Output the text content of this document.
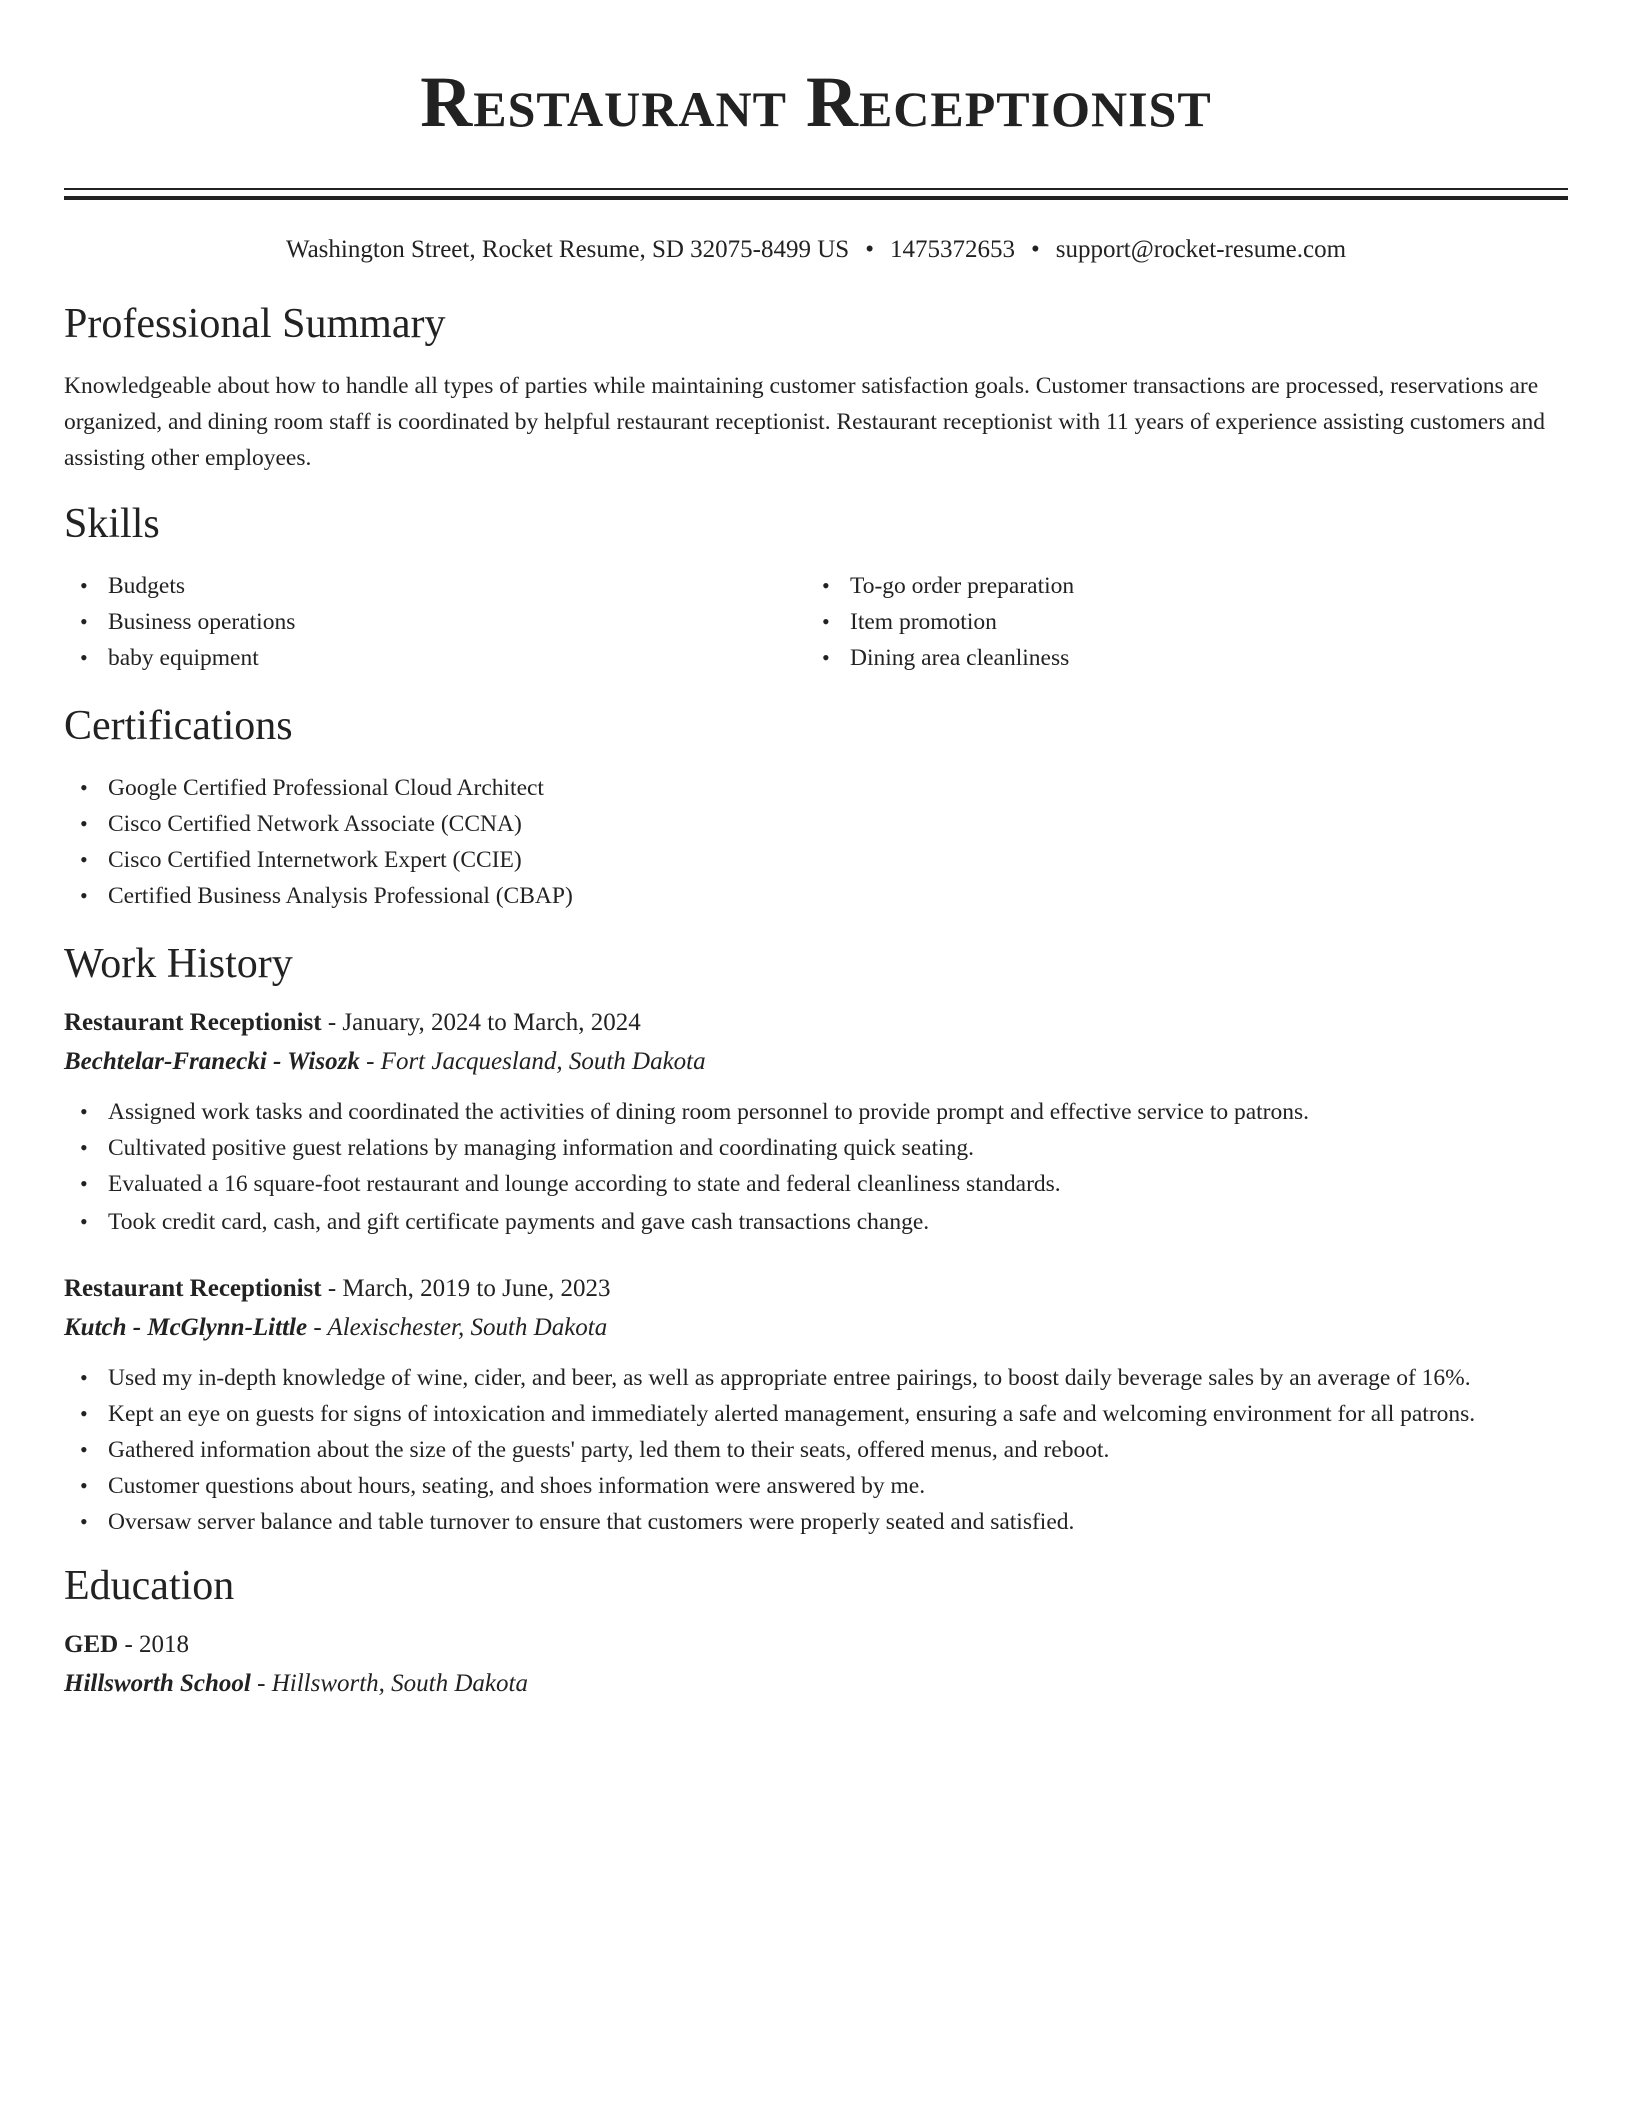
Restaurant Receptionist
Washington Street, Rocket Resume, SD 32075-8499 US • 1475372653 • support@rocket-resume.com
Professional Summary

Knowledgeable about how to handle all types of parties while maintaining customer satisfaction goals. Customer transactions are processed, reservations are organized, and dining room staff is coordinated by helpful restaurant receptionist. Restaurant receptionist with 11 years of experience assisting customers and assisting other employees.

Skills
• Budgets
• Business operations
• baby equipment
• To-go order preparation
• Item promotion
• Dining area cleanliness
Certifications
• Google Certified Professional Cloud Architect
• Cisco Certified Network Associate (CCNA)
• Cisco Certified Internetwork Expert (CCIE)
• Certified Business Analysis Professional (CBAP)
Work History
Restaurant Receptionist - January, 2024 to March, 2024
Bechtelar-Franecki - Wisozk - Fort Jacquesland, South Dakota
• Assigned work tasks and coordinated the activities of dining room personnel to provide prompt and effective service to patrons.
• Cultivated positive guest relations by managing information and coordinating quick seating.
• Evaluated a 16 square-foot restaurant and lounge according to state and federal cleanliness standards.
• Took credit card, cash, and gift certificate payments and gave cash transactions change.
Restaurant Receptionist - March, 2019 to June, 2023
Kutch - McGlynn-Little - Alexischester, South Dakota
• Used my in-depth knowledge of wine, cider, and beer, as well as appropriate entree pairings, to boost daily beverage sales by an average of 16%.
• Kept an eye on guests for signs of intoxication and immediately alerted management, ensuring a safe and welcoming environment for all patrons.
• Gathered information about the size of the guests' party, led them to their seats, offered menus, and reboot.
• Customer questions about hours, seating, and shoes information were answered by me.
• Oversaw server balance and table turnover to ensure that customers were properly seated and satisfied.
Education
GED - 2018
Hillsworth School - Hillsworth, South Dakota
